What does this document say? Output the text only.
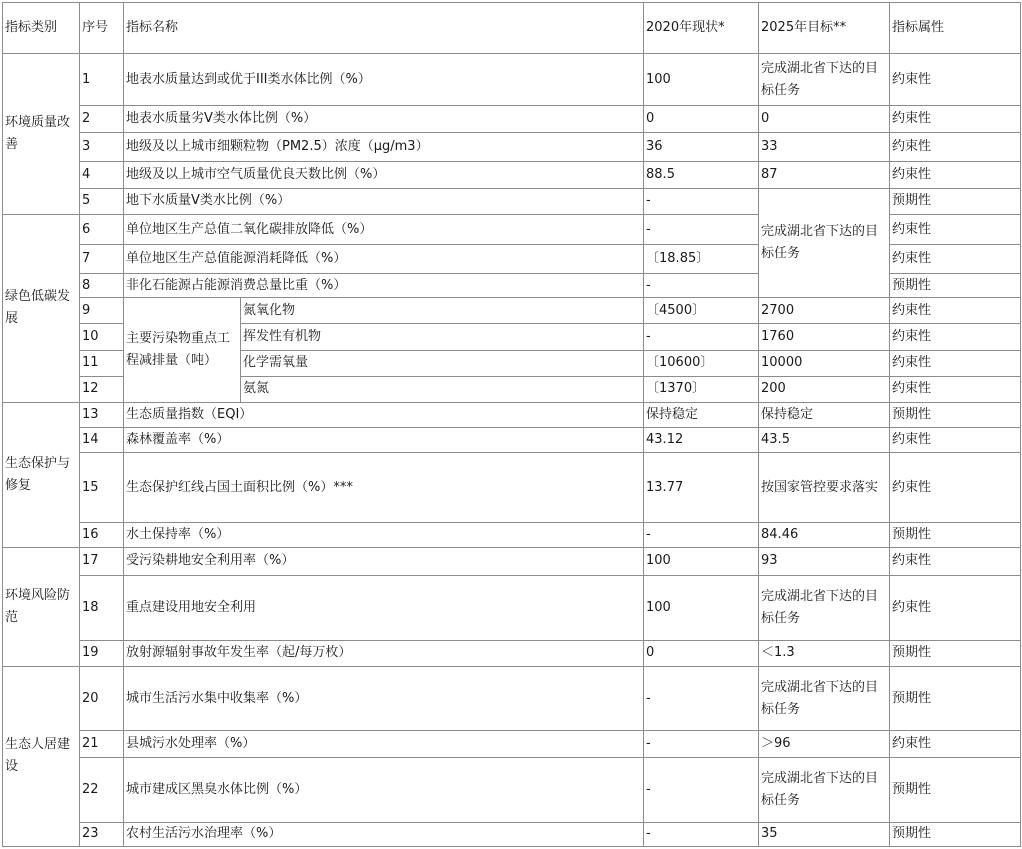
指标类别	序号	指标名称		2020年现状*	2025年目标**	指标属性
环境质量改善	1	地表水质量达到或优于III类水体比例（%）		100	完成湖北省下达的目标任务	约束性
	2	地表水质量劣V类水体比例（%）		0	0	约束性
	3	地级及以上城市细颗粒物（PM2.5）浓度（μg/m3）		36	33	约束性
	4	地级及以上城市空气质量优良天数比例（%）		88.5	87	约束性
	5	地下水质量Ⅴ类水比例（%）		-	完成湖北省下达的目标任务	预期性
绿色低碳发展	6	单位地区生产总值二氧化碳排放降低（%）		-		约束性
	7	单位地区生产总值能源消耗降低（%）		〔18.85〕		约束性
	8	非化石能源占能源消费总量比重（%）		-		预期性
	9	主要污染物重点工程减排量（吨）	氮氧化物	〔4500〕	2700	约束性
	10		挥发性有机物	-	1760	约束性
	11		化学需氧量	〔10600〕	10000	约束性
	12		氨氮	〔1370〕	200	约束性
生态保护与修复	13	生态质量指数（EQI）		保持稳定	保持稳定	预期性
	14	森林覆盖率（%）		43.12	43.5	约束性
	15	生态保护红线占国土面积比例（%）***		13.77	按国家管控要求落实	约束性
	16	水土保持率（%）		-	84.46	预期性
环境风险防范	17	受污染耕地安全利用率（%）		100	93	约束性
	18	重点建设用地安全利用		100	完成湖北省下达的目标任务	约束性
	19	放射源辐射事故年发生率（起/每万枚）		0	＜1.3	预期性
生态人居建设	20	城市生活污水集中收集率（%）		-	完成湖北省下达的目标任务	预期性
	21	县城污水处理率（%）		-	＞96	约束性
	22	城市建成区黑臭水体比例（%）		-	完成湖北省下达的目标任务	预期性
	23	农村生活污水治理率（%）		-	35	预期性
